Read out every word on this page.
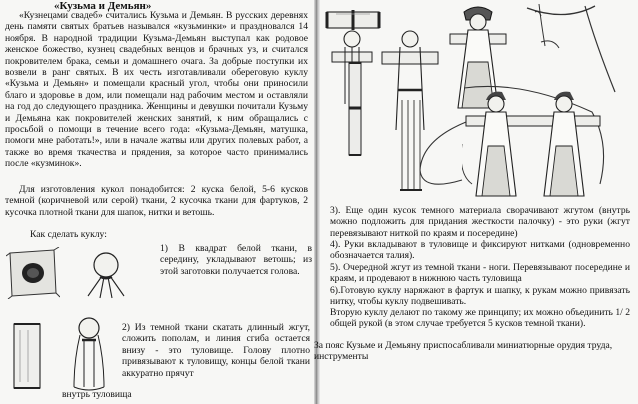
«Кузьма и Демьян»

«Кузнецами свадеб» считались Кузьма и Демьян. В русских деревнях день памяти святых братьев назывался «кузьминки» и праздновался 14 ноября. В народной традиции Кузьма-Демьян выступал как родовое женское божество, кузнец свадебных венцов и брачных уз, и считался покровителем брака, семьи и домашнего очага. За добрые поступки их возвели в ранг святых. В их честь изготавливали обереговую куклу «Кузьма и Демьян» и помещали красный угол, чтобы они приносили благо и здоровье в дом, или помещали над рабочим местом и оставляли на год до следующего праздника. Женщины и девушки почитали Кузьму и Демьяна как покровителей женских занятий, к ним обращались с просьбой о помощи в течение всего года: «Кузьма-Демьян, матушка, помоги мне работать!», или в начале жатвы или других полевых работ, а также во время ткачества и прядения, за которое часто принимались после «кузминок».

Для изготовления кукол понадобится: 2 куска белой, 5-6 кусков темной (коричневой или серой) ткани, 2 кусочка ткани для фартуков, 2 кусочка плотной ткани для шапок, нитки и ветошь.

Как сделать куклу:

1) В квадрат белой ткани, в середину, укладывают ветошь; из этой заготовки получается голова.

2) Из темной ткани скатать длинный жгут, сложить пополам, и линия сгиба остается внизу - это туловище. Голову плотно привязывают к туловищу, концы белой ткани аккуратно прячут

внутрь туловища

3). Еще один кусок темного материала сворачивают жгутом (внутрь можно подложить для придания жесткости палочку) - это руки (жгут перевязывают ниткой по краям и посередине)

4). Руки вкладывают в туловище и фиксируют нитками (одновременно обозначается талия).

5). Очередной жгут из темной ткани - ноги. Перевязывают посередине и краям, и продевают в нижнюю часть туловища

6).Готовую куклу наряжают в фартук и шапку, к рукам можно привязать нитку, чтобы куклу подвешивать.

Вторую куклу делают по такому же принципу; их можно объединить 1/ 2 общей рукой (в этом случае требуется 5 кусков темной ткани).

За пояс Кузьме и Демьяну приспосабливали миниатюрные орудия труда, инструменты
